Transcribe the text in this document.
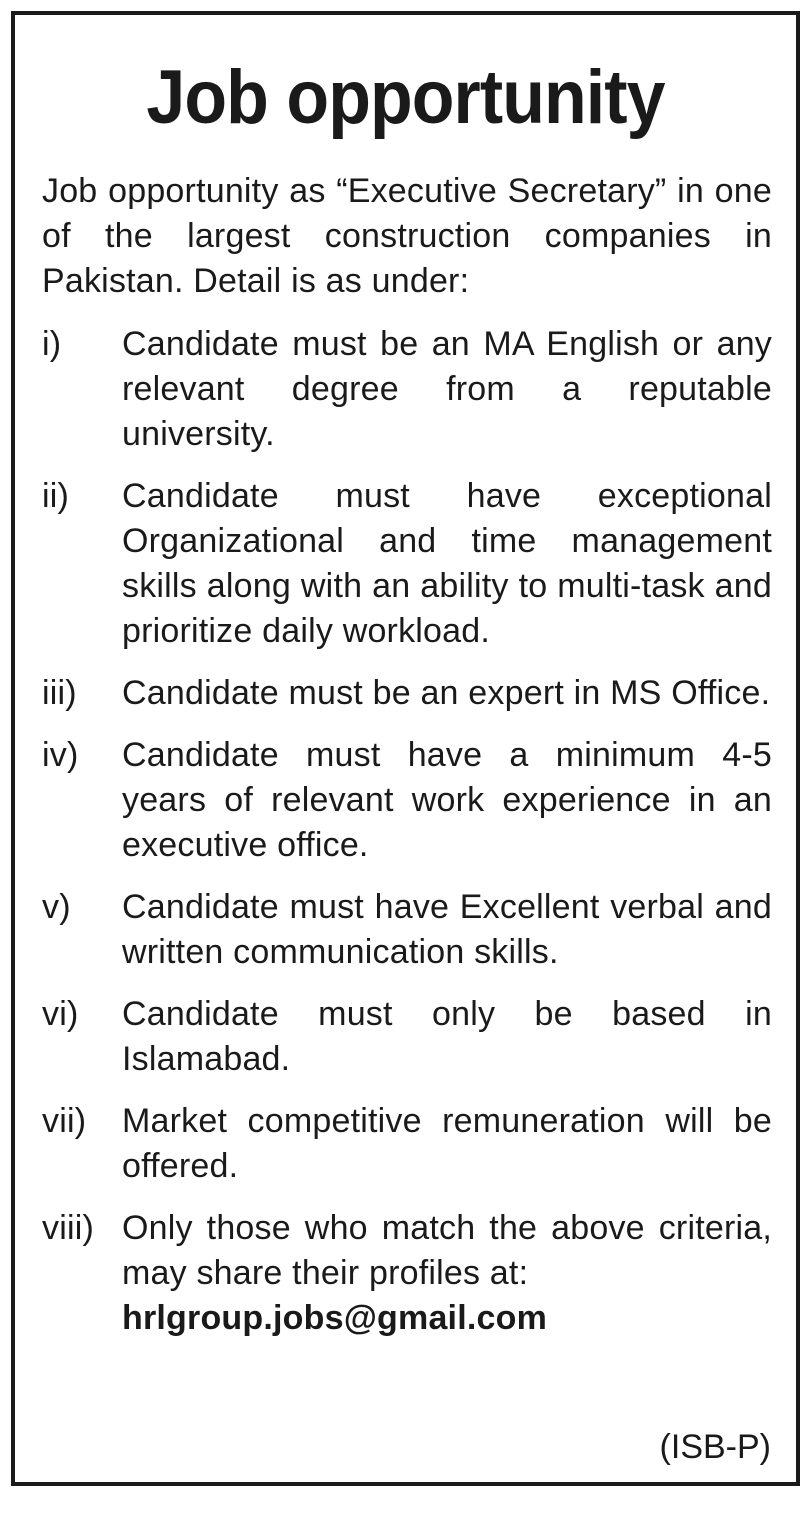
Job opportunity
Job opportunity as “Executive Secretary” in one of the largest construction companies in Pakistan. Detail is as under:
i) Candidate must be an MA English or any relevant degree from a reputable university.
ii) Candidate must have exceptional Organizational and time management skills along with an ability to multi-task and prioritize daily workload.
iii) Candidate must be an expert in MS Office.
iv) Candidate must have a minimum 4-5 years of relevant work experience in an executive office.
v) Candidate must have Excellent verbal and written communication skills.
vi) Candidate must only be based in Islamabad.
vii) Market competitive remuneration will be offered.
viii) Only those who match the above criteria, may share their profiles at:
hrlgroup.jobs@gmail.com
(ISB-P)
